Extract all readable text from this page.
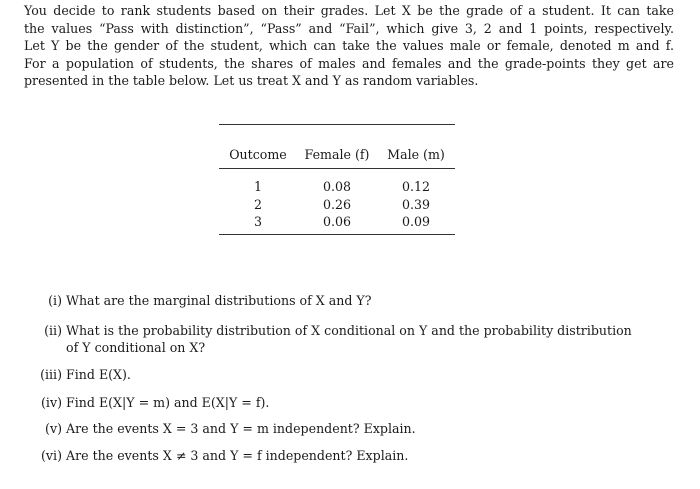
You decide to rank students based on their grades. Let X be the grade of a student. It can take
the values “Pass with distinction”, “Pass” and “Fail”, which give 3, 2 and 1 points, respectively.
Let Y be the gender of the student, which can take the values male or female, denoted m and f.
For a population of students, the shares of males and females and the grade-points they get are
presented in the table below. Let us treat X and Y as random variables.
Outcome	Female (f)	Male (m)
1	0.08	0.12
2	0.26	0.39
3	0.06	0.09
(i) What are the marginal distributions of X and Y?
(ii) What is the probability distribution of X conditional on Y and the probability distribution
of Y conditional on X?
(iii) Find E(X).
(iv) Find E(X|Y = m) and E(X|Y = f).
(v) Are the events X = 3 and Y = m independent? Explain.
(vi) Are the events X ≠ 3 and Y = f independent? Explain.
